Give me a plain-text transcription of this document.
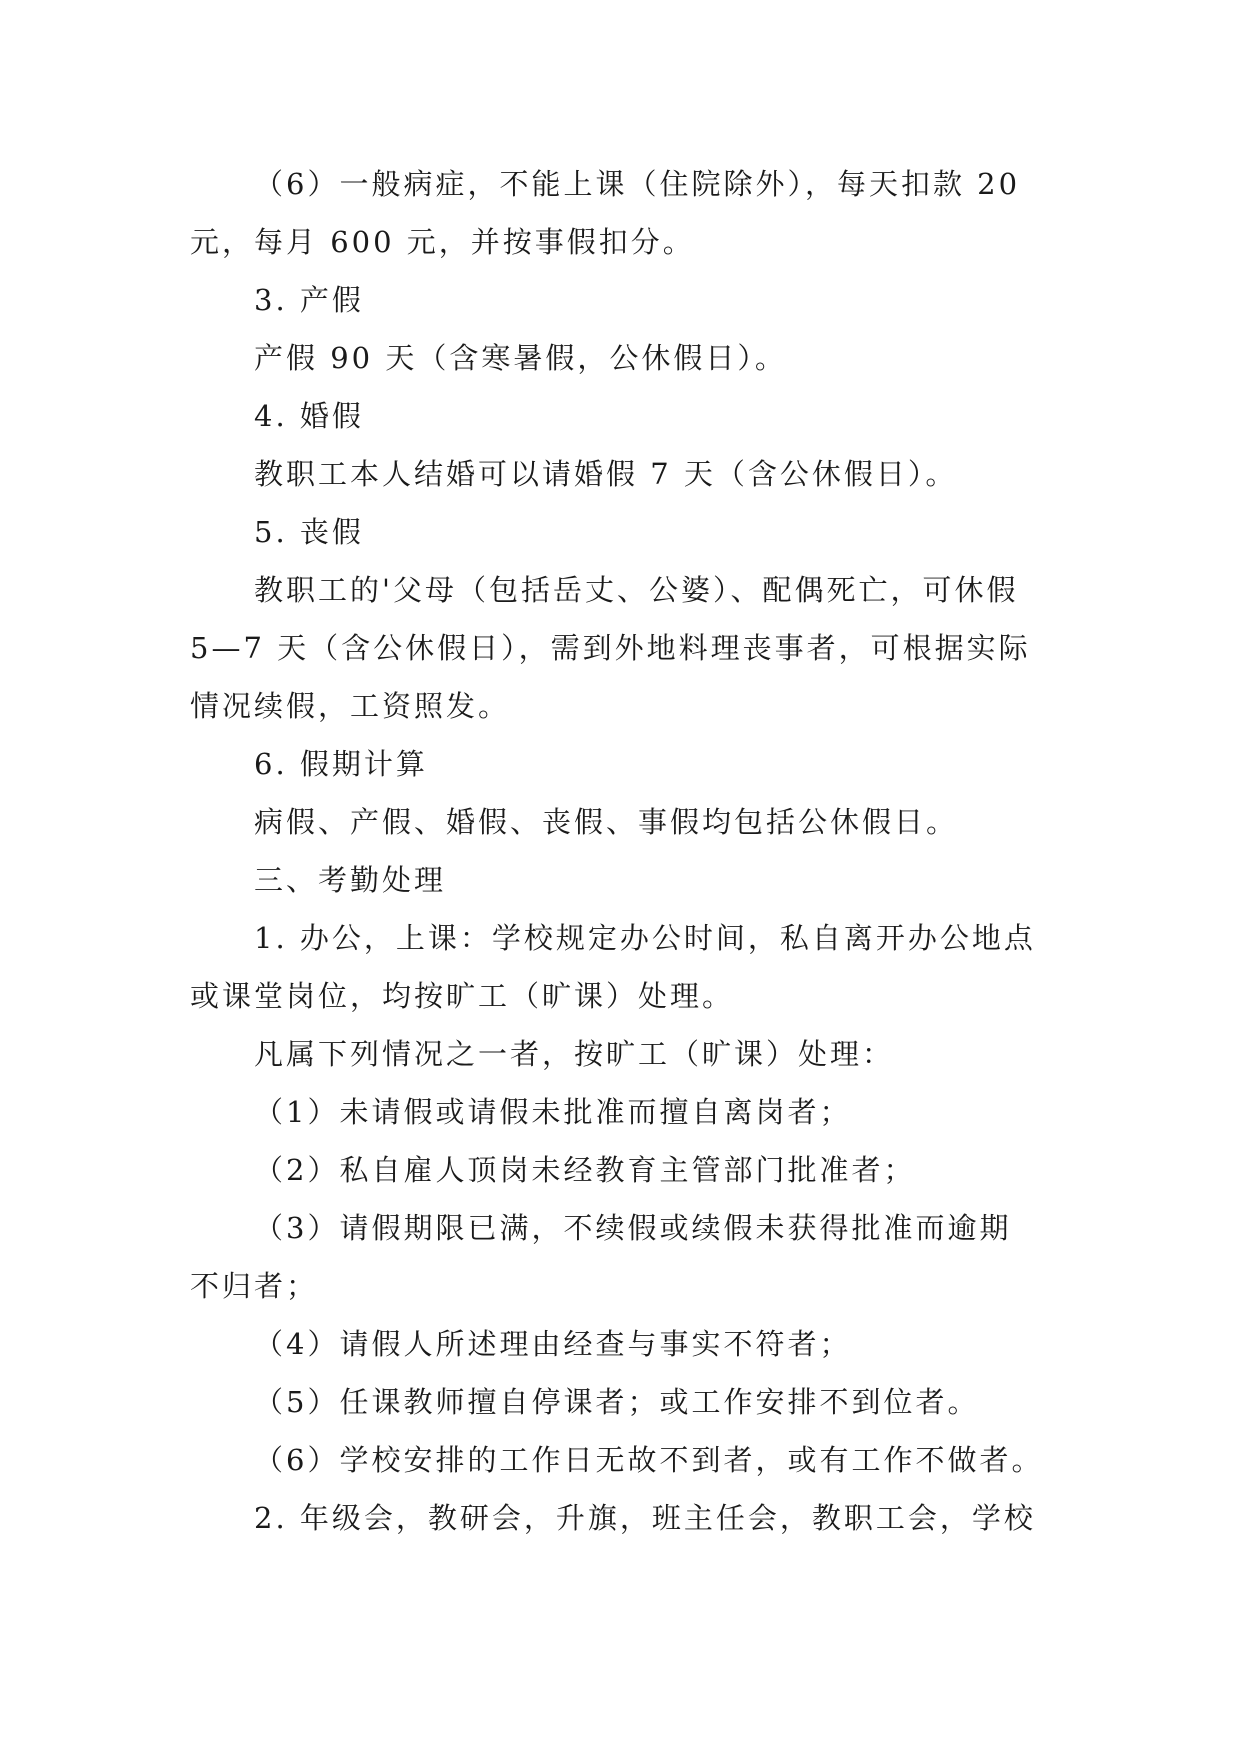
（6）一般病症，不能上课（住院除外），每天扣款 20
元，每月 600 元，并按事假扣分。
3. 产假
产假 90 天（含寒暑假，公休假日）。
4. 婚假
教职工本人结婚可以请婚假 7 天（含公休假日）。
5. 丧假
教职工的'父母（包括岳丈、公婆）、配偶死亡，可休假
5—7 天（含公休假日），需到外地料理丧事者，可根据实际
情况续假，工资照发。
6. 假期计算
病假、产假、婚假、丧假、事假均包括公休假日。
三、考勤处理
1. 办公，上课：学校规定办公时间，私自离开办公地点
或课堂岗位，均按旷工（旷课）处理。
凡属下列情况之一者，按旷工（旷课）处理：
（1）未请假或请假未批准而擅自离岗者；
（2）私自雇人顶岗未经教育主管部门批准者；
（3）请假期限已满，不续假或续假未获得批准而逾期
不归者；
（4）请假人所述理由经查与事实不符者；
（5）任课教师擅自停课者；或工作安排不到位者。
（6）学校安排的工作日无故不到者，或有工作不做者。
2. 年级会，教研会，升旗，班主任会，教职工会，学校
